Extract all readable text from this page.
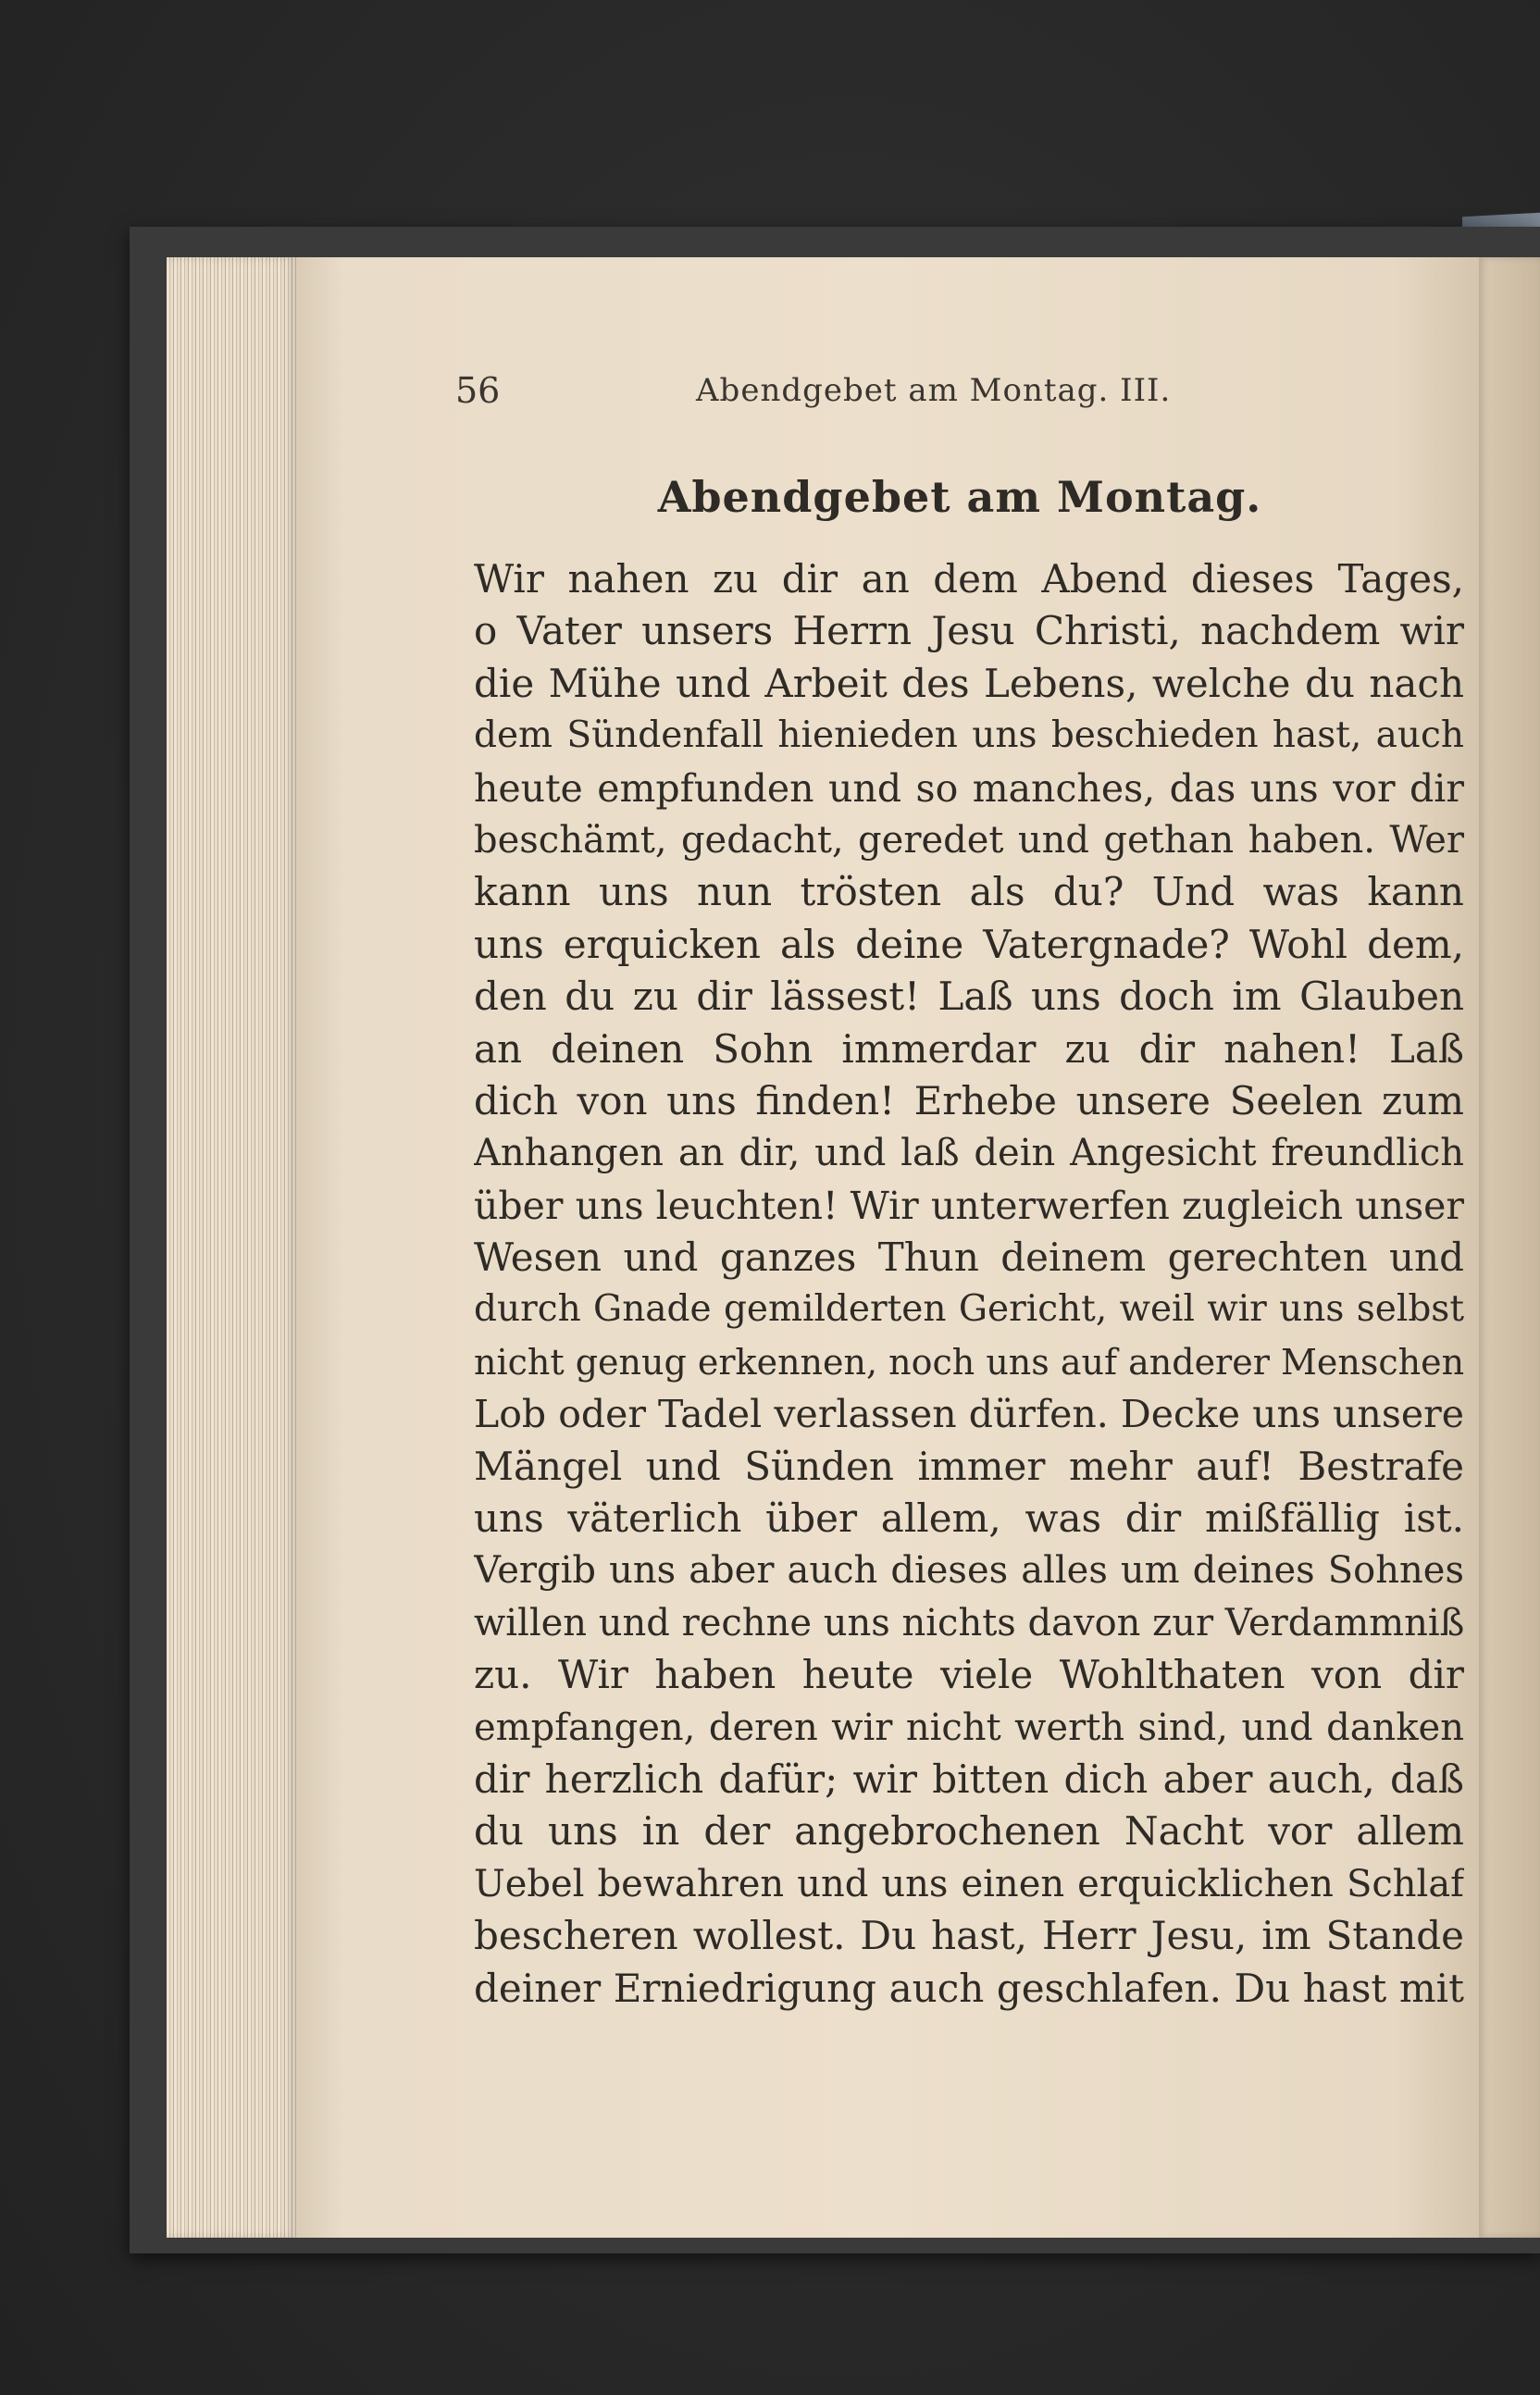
56	Abendgebet am Montag. III.
Abendgebet am Montag.
Wir nahen zu dir an dem Abend dieses Tages,
o Vater unsers Herrn Jesu Christi, nachdem wir
die Mühe und Arbeit des Lebens, welche du nach
dem Sündenfall hienieden uns beschieden hast, auch
heute empfunden und so manches, das uns vor dir
beschämt, gedacht, geredet und gethan haben. Wer
kann uns nun trösten als du? Und was kann
uns erquicken als deine Vatergnade? Wohl dem,
den du zu dir lässest! Laß uns doch im Glauben
an deinen Sohn immerdar zu dir nahen! Laß
dich von uns finden! Erhebe unsere Seelen zum
Anhangen an dir, und laß dein Angesicht freundlich
über uns leuchten! Wir unterwerfen zugleich unser
Wesen und ganzes Thun deinem gerechten und
durch Gnade gemilderten Gericht, weil wir uns selbst
nicht genug erkennen, noch uns auf anderer Menschen
Lob oder Tadel verlassen dürfen. Decke uns unsere
Mängel und Sünden immer mehr auf! Bestrafe
uns väterlich über allem, was dir mißfällig ist.
Vergib uns aber auch dieses alles um deines Sohnes
willen und rechne uns nichts davon zur Verdammniß
zu. Wir haben heute viele Wohlthaten von dir
empfangen, deren wir nicht werth sind, und danken
dir herzlich dafür; wir bitten dich aber auch, daß
du uns in der angebrochenen Nacht vor allem
Uebel bewahren und uns einen erquicklichen Schlaf
bescheren wollest. Du hast, Herr Jesu, im Stande
deiner Erniedrigung auch geschlafen. Du hast mit
